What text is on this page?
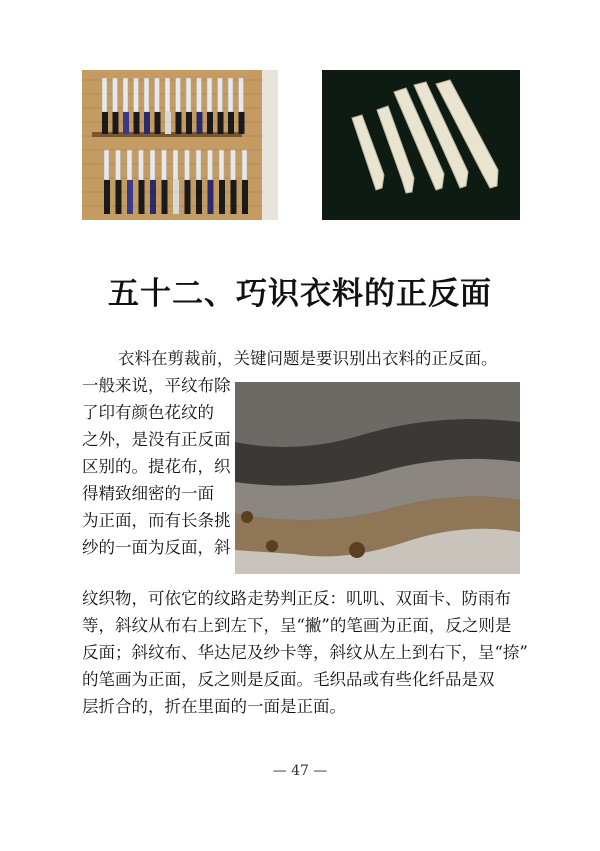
五十二、巧识衣料的正反面
衣料在剪裁前，关键问题是要识别出衣料的正反面。
一般来说，平纹布除
了印有颜色花纹的
之外，是没有正反面
区别的。提花布，织
得精致细密的一面
为正面，而有长条挑
纱的一面为反面，斜
纹织物，可依它的纹路走势判正反：叽叽、双面卡、防雨布
等，斜纹从布右上到左下，呈“撇”的笔画为正面，反之则是
反面；斜纹布、华达尼及纱卡等，斜纹从左上到右下，呈“捺”
的笔画为正面，反之则是反面。毛织品或有些化纤品是双
层折合的，折在里面的一面是正面。
— 47 —
